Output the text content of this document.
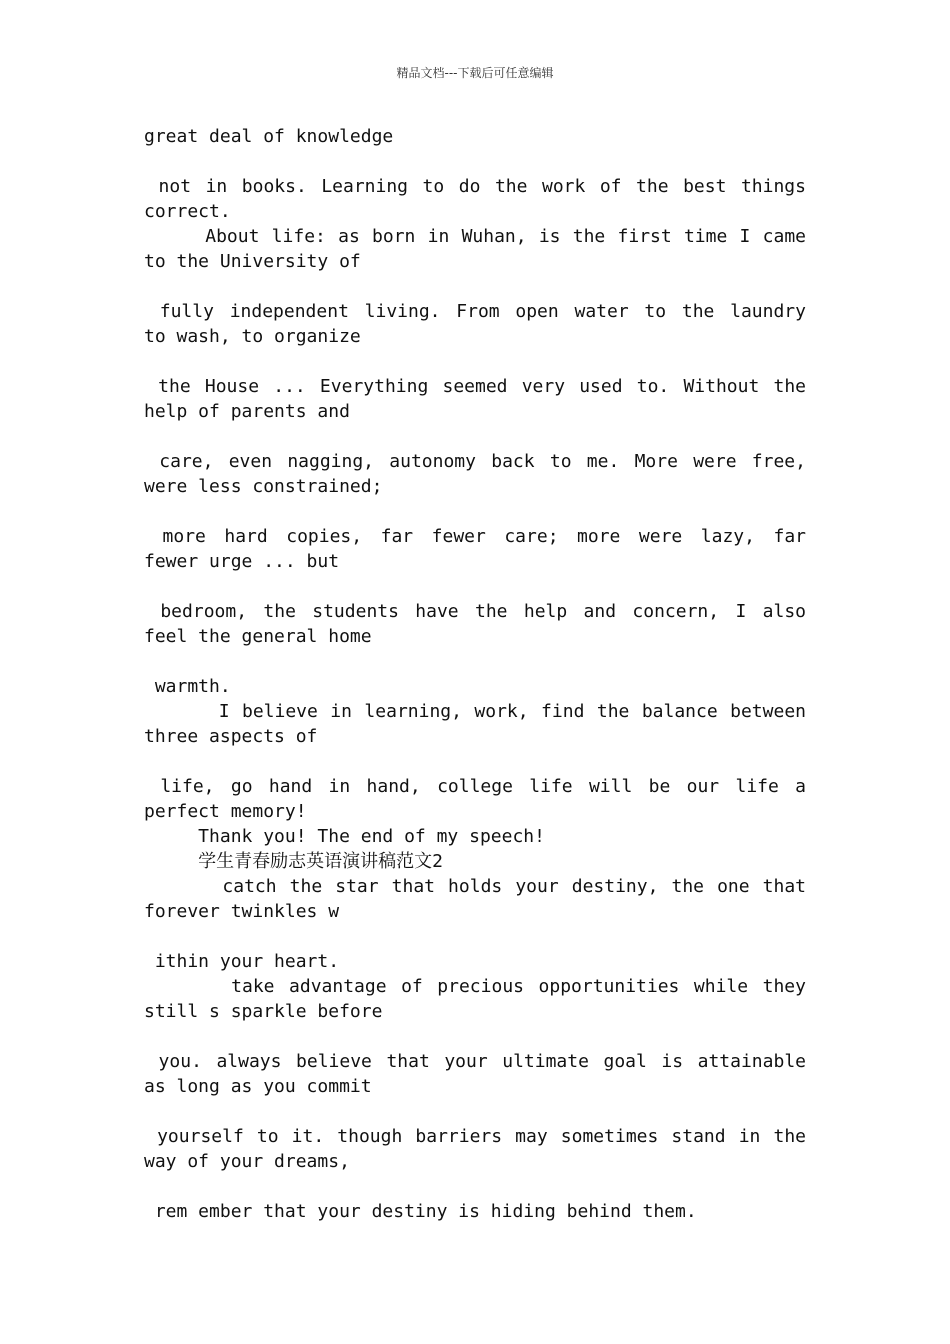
精品文档---下载后可任意编辑
great deal of knowledge
not in books. Learning to do the work of the best things
correct.
About life: as born in Wuhan, is the first time I came
to the University of
fully independent living. From open water to the laundry
to wash, to organize
the House ... Everything seemed very used to. Without the
help of parents and
care, even nagging, autonomy back to me. More were free,
were less constrained;
more hard copies, far fewer care; more were lazy, far
fewer urge ... but
bedroom, the students have the help and concern, I also
feel the general home
warmth.
I believe in learning, work, find the balance between
three aspects of
life, go hand in hand, college life will be our life a
perfect memory!
Thank you! The end of my speech!
学生青春励志英语演讲稿范文2
catch the star that holds your destiny, the one that
forever twinkles w
ithin your heart.
take advantage of precious opportunities while they
still s sparkle before
you. always believe that your ultimate goal is attainable
as long as you commit
yourself to it. though barriers may sometimes stand in the
way of your dreams,
rem ember that your destiny is hiding behind them.
